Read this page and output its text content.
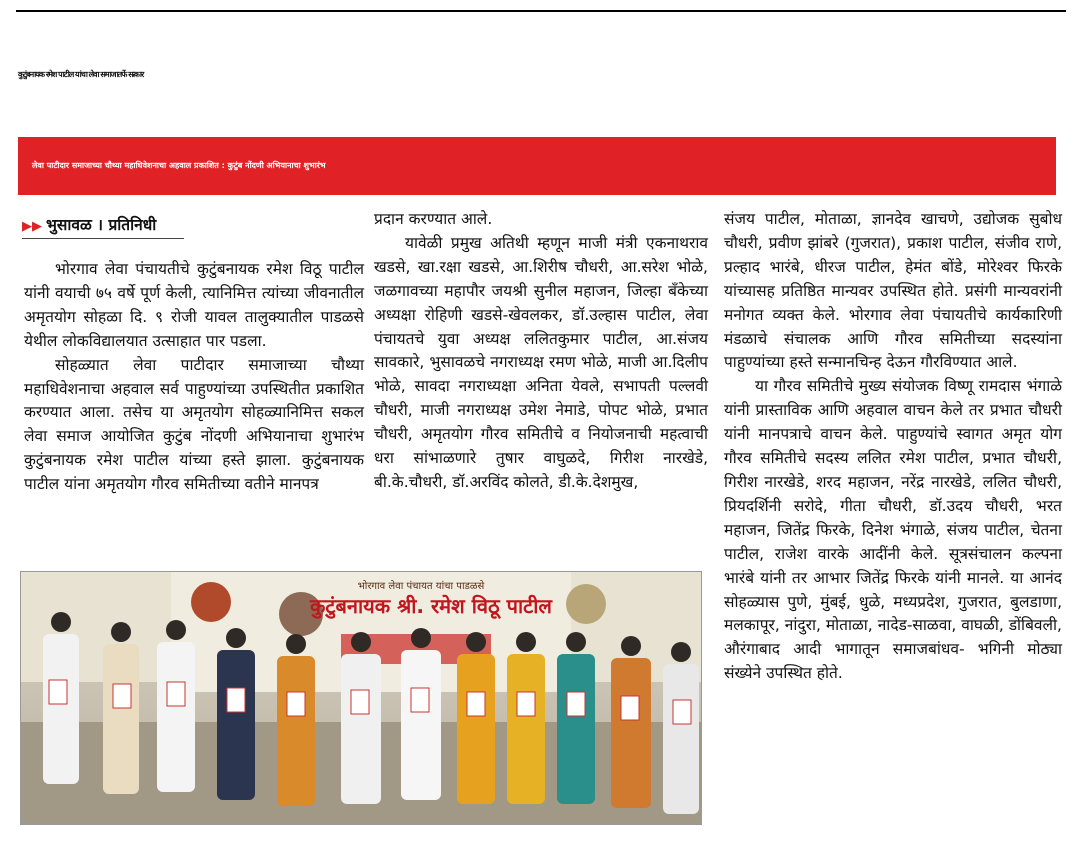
कुटुंबनायक रमेश पाटील यांचा लेवा समाजातर्फे सत्कार
लेवा पाटीदार समाजाच्या चौथ्या महाधिवेशनाचा अहवाल प्रकाशित : कुटुंब नोंदणी अभियानाचा शुभारंभ
▶▶ भुसावळ । प्रतिनिधी

भोरगाव लेवा पंचायतीचे कुटुंबनायक रमेश विठू पाटील यांनी वयाची ७५ वर्षे पूर्ण केली, त्यानिमित्त त्यांच्या जीवनातील अमृतयोग सोहळा दि. ९ रोजी यावल तालुक्यातील पाडळसे येथील लोकविद्यालयात उत्साहात पार पडला.

सोहळ्यात लेवा पाटीदार समाजाच्या चौथ्या महाधिवेशनाचा अहवाल सर्व पाहुण्यांच्या उपस्थितीत प्रकाशित करण्यात आला. तसेच या अमृतयोग सोहळ्यानिमित्त सकल लेवा समाज आयोजित कुटुंब नोंदणी अभियानाचा शुभारंभ कुटुंबनायक रमेश पाटील यांच्या हस्ते झाला. कुटुंबनायक पाटील यांना अमृतयोग गौरव समितीच्या वतीने मानपत्र

प्रदान करण्यात आले.

यावेळी प्रमुख अतिथी म्हणून माजी मंत्री एकनाथराव खडसे, खा.रक्षा खडसे, आ.शिरीष चौधरी, आ.सरेश भोळे, जळगावच्या महापौर जयश्री सुनील महाजन, जिल्हा बँकेच्या अध्यक्षा रोहिणी खडसे-खेवलकर, डॉ.उल्हास पाटील, लेवा पंचायतचे युवा अध्यक्ष ललितकुमार पाटील, आ.संजय सावकारे, भुसावळचे नगराध्यक्ष रमण भोळे, माजी आ.दिलीप भोळे, सावदा नगराध्यक्षा अनिता येवले, सभापती पल्लवी चौधरी, माजी नगराध्यक्ष उमेश नेमाडे, पोपट भोळे, प्रभात चौधरी, अमृतयोग गौरव समितीचे व नियोजनाची महत्वाची धरा सांभाळणारे तुषार वाघुळदे, गिरीश नारखेडे, बी.के.चौधरी, डॉ.अरविंद कोलते, डी.के.देशमुख,

संजय पाटील, मोताळा, ज्ञानदेव खाचणे, उद्योजक सुबोध चौधरी, प्रवीण झांबरे (गुजरात), प्रकाश पाटील, संजीव राणे, प्रल्हाद भारंबे, धीरज पाटील, हेमंत बोंडे, मोरेश्वर फिरके यांच्यासह प्रतिष्ठित मान्यवर उपस्थित होते. प्रसंगी मान्यवरांनी मनोगत व्यक्त केले. भोरगाव लेवा पंचायतीचे कार्यकारिणी मंडळाचे संचालक आणि गौरव समितीच्या सदस्यांना पाहुण्यांच्या हस्ते सन्मानचिन्ह देऊन गौरविण्यात आले.

या गौरव समितीचे मुख्य संयोजक विष्णू रामदास भंगाळे यांनी प्रास्ताविक आणि अहवाल वाचन केले तर प्रभात चौधरी यांनी मानपत्राचे वाचन केले. पाहुण्यांचे स्वागत अमृत योग गौरव समितीचे सदस्य ललित रमेश पाटील, प्रभात चौधरी, गिरीश नारखेडे, शरद महाजन, नरेंद्र नारखेडे, ललित चौधरी, प्रियदर्शिनी सरोदे, गीता चौधरी, डॉ.उदय चौधरी, भरत महाजन, जितेंद्र फिरके, दिनेश भंगाळे, संजय पाटील, चेतना पाटील, राजेश वारके आदींनी केले. सूत्रसंचालन कल्पना भारंबे यांनी तर आभार जितेंद्र फिरके यांनी मानले. या आनंद सोहळ्यास पुणे, मुंबई, धुळे, मध्यप्रदेश, गुजरात, बुलडाणा, मलकापूर, नांदुरा, मोताळा, नादेड-साळवा, वाघळी, डोंबिवली, औरंगाबाद आदी भागातून समाजबांधव- भगिनी मोठ्या संख्येने उपस्थित होते.

भोरगाव लेवा पंचायत यांचा पाडळसे
कुटुंबनायक श्री. रमेश विठू पाटील
